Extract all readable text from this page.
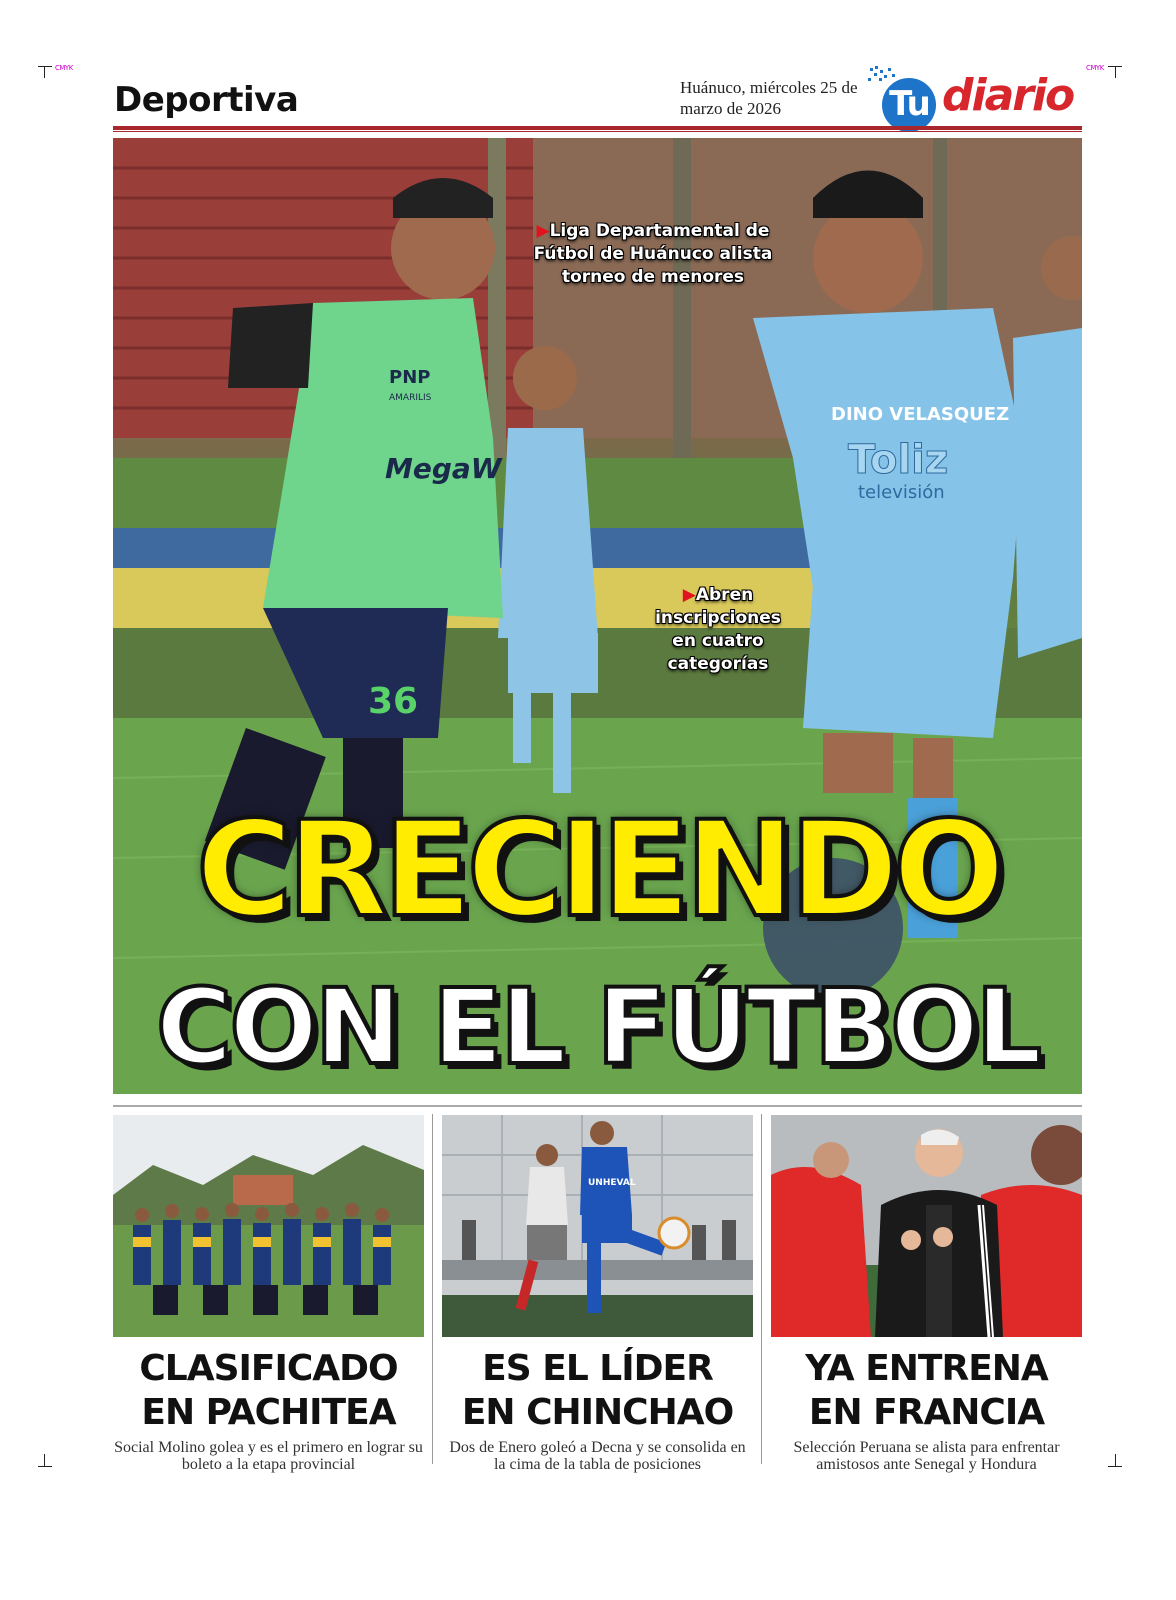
CMYK	CMYK
Deportiva	Huánuco, miércoles 25 de marzo de 2026	Tu diario
PNP
AMARILIS
MegaW
36
DINO VELASQUEZ
Toliz
televisión
▶Liga Departamental de Fútbol de Huánuco alista torneo de menores
▶Abren inscripciones en cuatro categorías
CRECIENDO
CON EL FÚTBOL
CLASIFICADO
EN PACHITEA
Social Molino golea y es el primero en lograr su boleto a la etapa provincial
UNHEVAL
ES EL LÍDER
EN CHINCHAO
Dos de Enero goleó a Decna y se consolida en la cima de la tabla de posiciones
YA ENTRENA
EN FRANCIA
Selección Peruana se alista para enfrentar amistosos ante Senegal y Hondura
